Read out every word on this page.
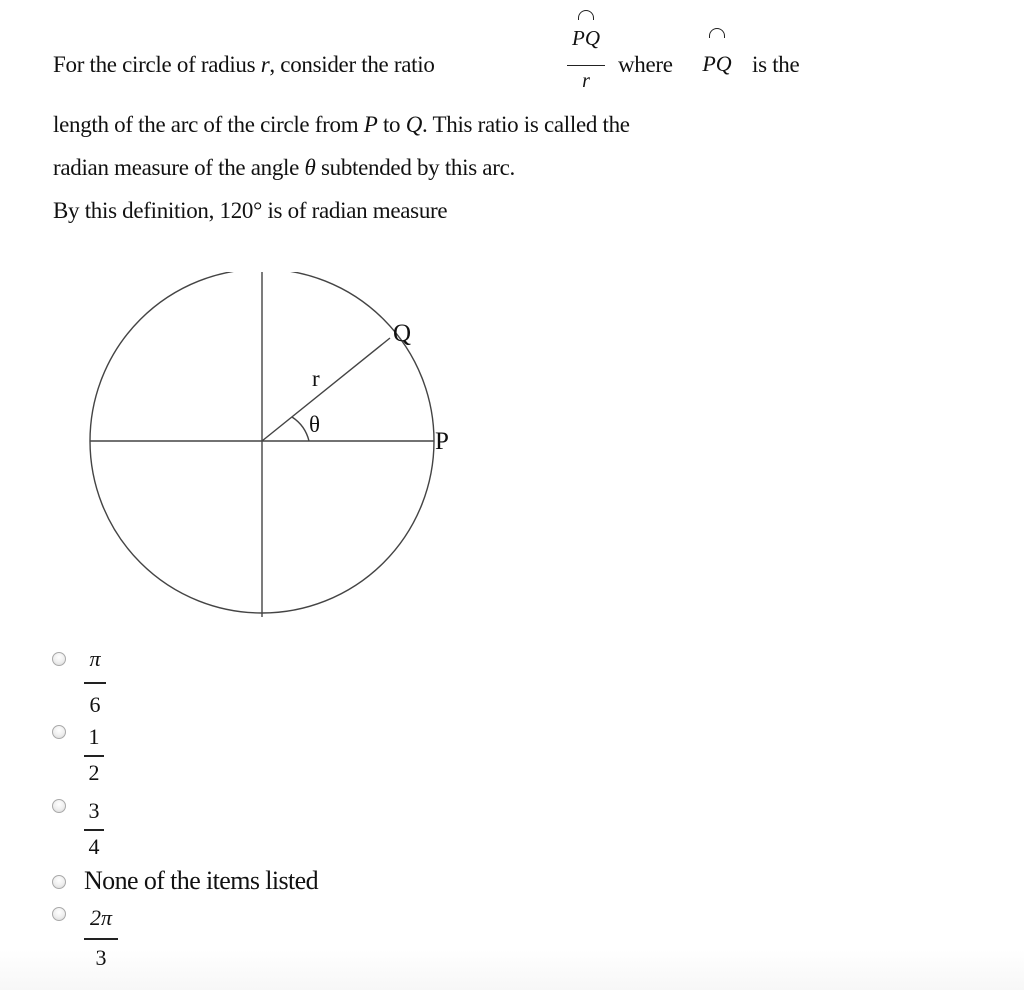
For the circle of radius r, consider the ratio
PQ
r
where PQ is the
length of the arc of the circle from P to Q. This ratio is called the
radian measure of the angle θ subtended by this arc.
By this definition, 120° is of radian measure
Q
P
r
θ
$\frac{\pi}{6}$
$\frac{1}{2}$
$\frac{3}{4}$
None of the items listed
$\frac{2\pi}{3}$
